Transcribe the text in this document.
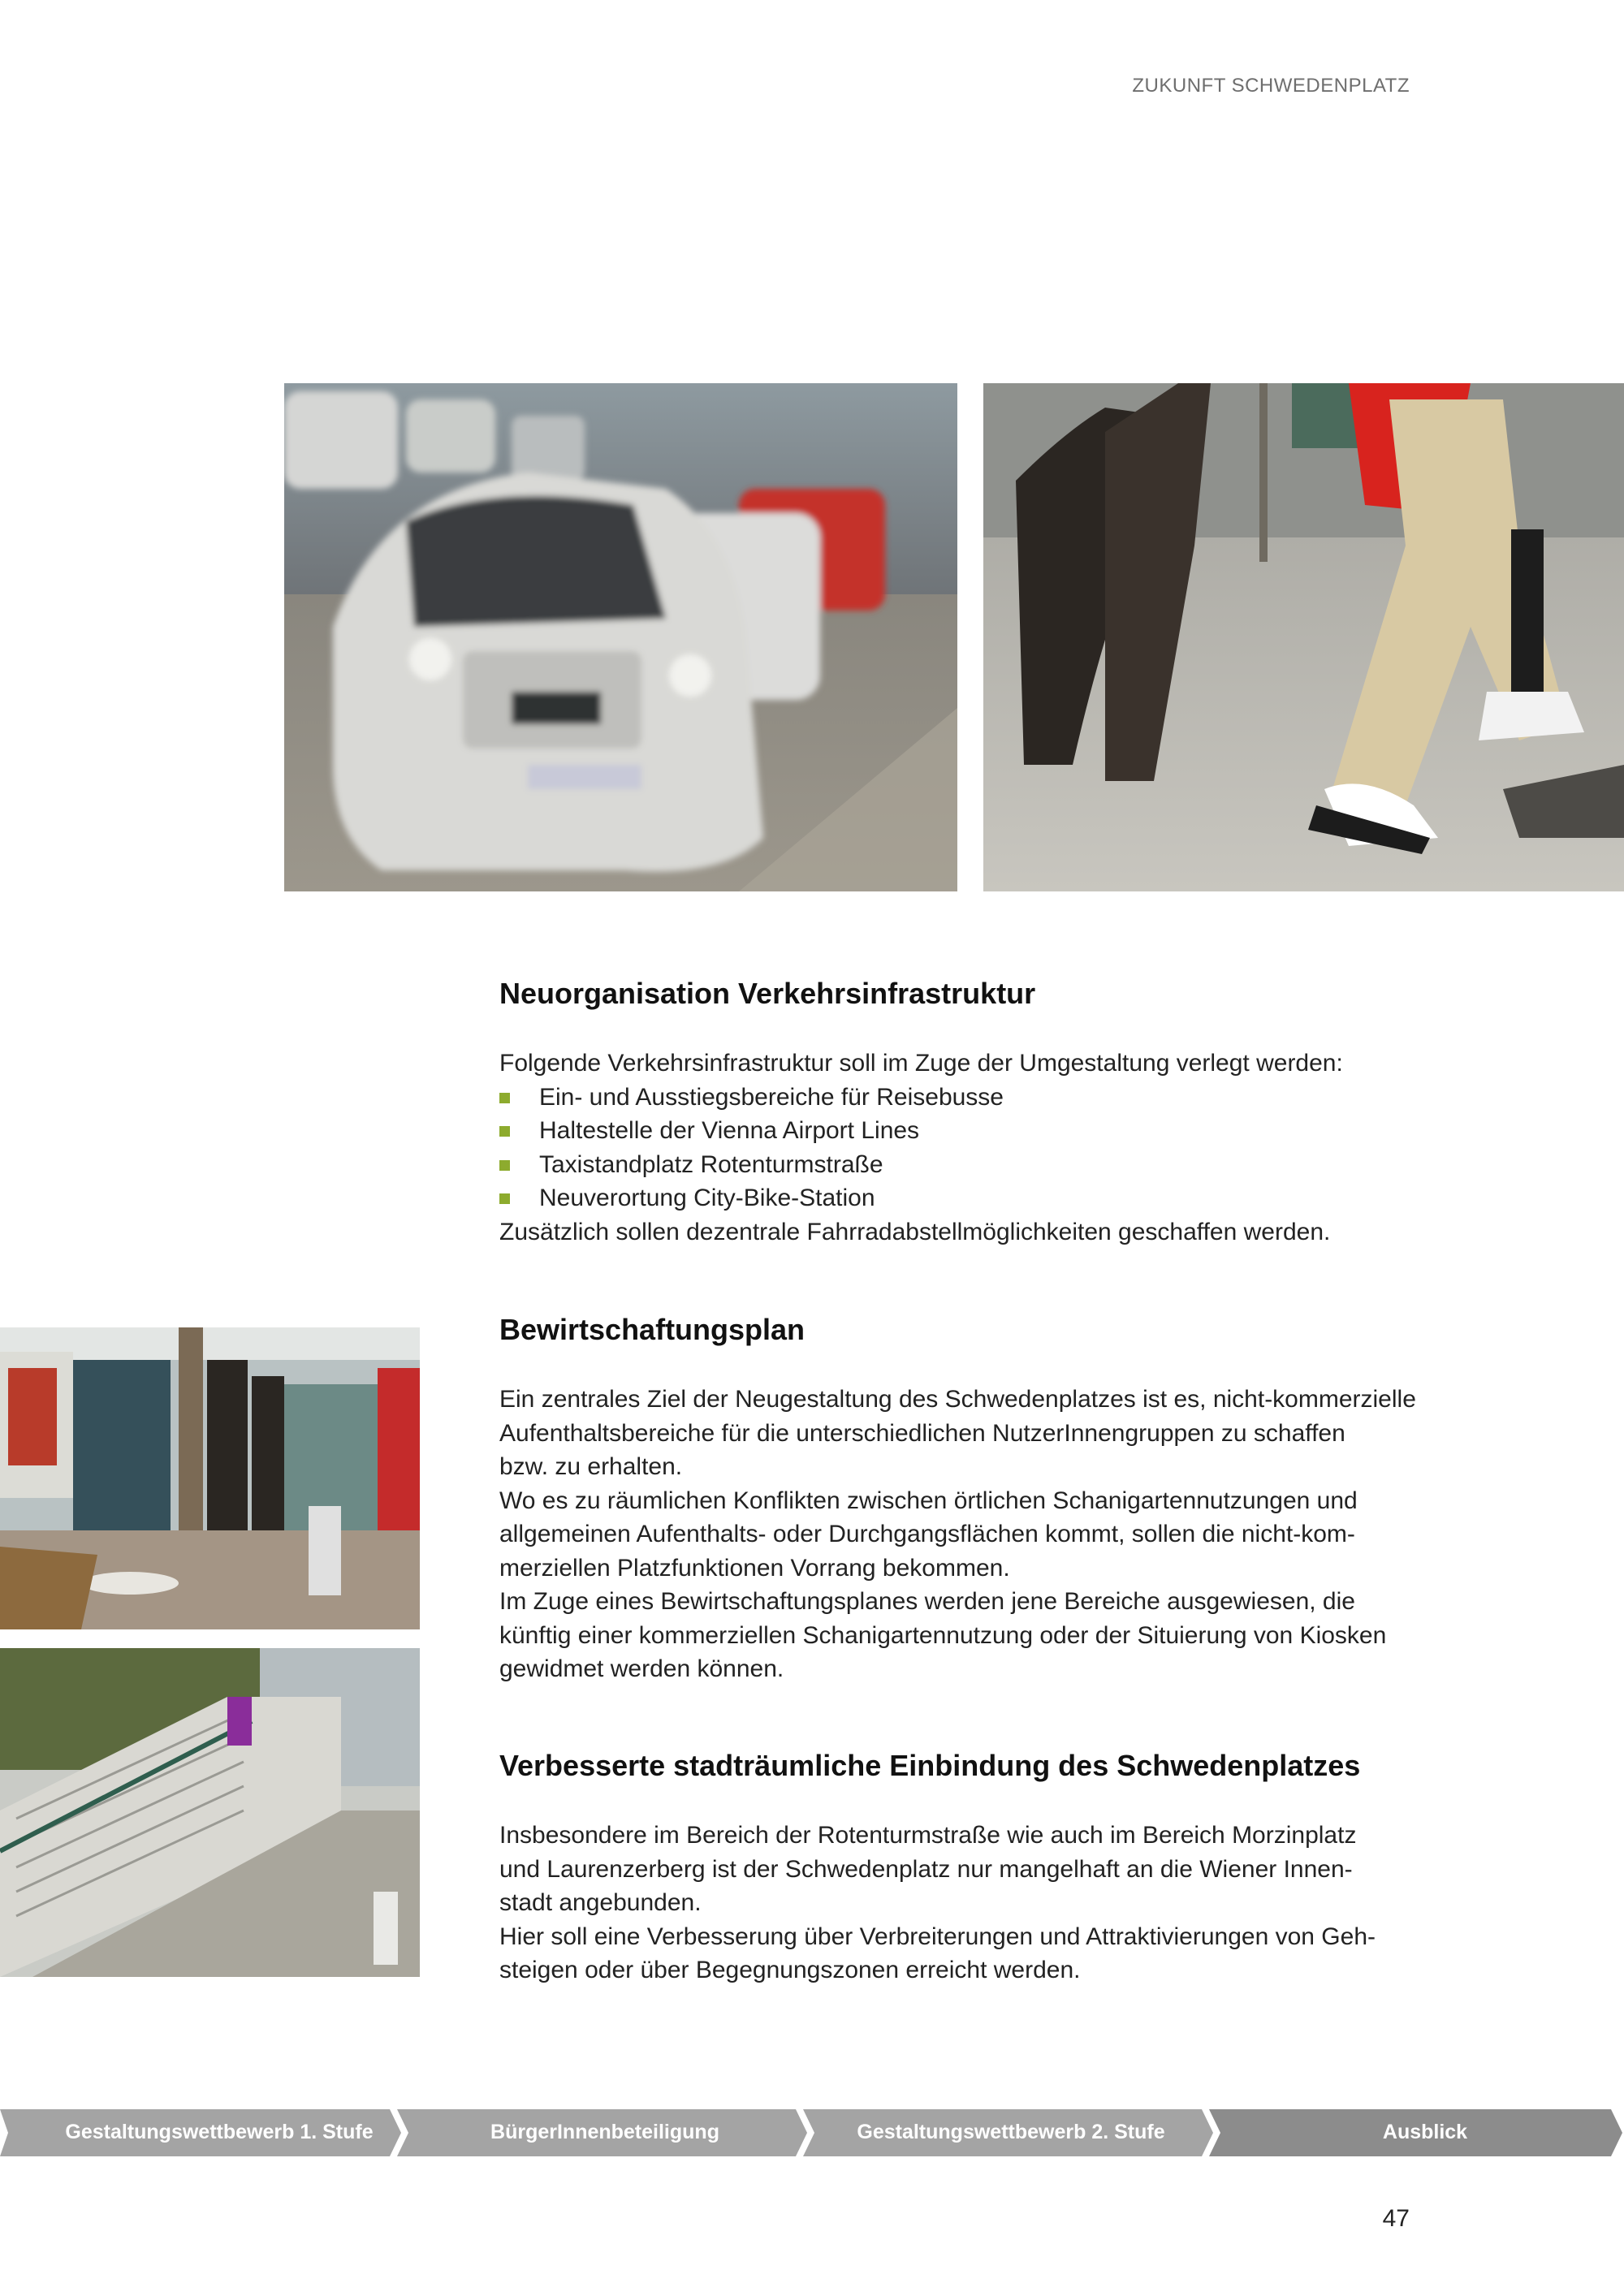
ZUKUNFT SCHWEDENPLATZ
Neuorganisation Verkehrsinfrastruktur

Folgende Verkehrsinfrastruktur soll im Zuge der Umgestaltung verlegt werden:

Ein- und Ausstiegsbereiche für Reisebusse
Haltestelle der Vienna Airport Lines
Taxistandplatz Rotenturmstraße
Neuverortung City-Bike-Station

Zusätzlich sollen dezentrale Fahrradabstellmöglichkeiten geschaffen werden.

Bewirtschaftungsplan

Ein zentrales Ziel der Neugestaltung des Schwedenplatzes ist es, nicht-kommerzielle

Aufenthaltsbereiche für die unterschiedlichen NutzerInnengruppen zu schaffen

bzw. zu erhalten.

Wo es zu räumlichen Konflikten zwischen örtlichen Schanigartennutzungen und

allgemeinen Aufenthalts- oder Durchgangsflächen kommt, sollen die nicht-kom-

merziellen Platzfunktionen Vorrang bekommen.

Im Zuge eines Bewirtschaftungsplanes werden jene Bereiche ausgewiesen, die

künftig einer kommerziellen Schanigartennutzung oder der Situierung von Kiosken

gewidmet werden können.

Verbesserte stadträumliche Einbindung des Schwedenplatzes

Insbesondere im Bereich der Rotenturmstraße wie auch im Bereich Morzinplatz

und Laurenzerberg ist der Schwedenplatz nur mangelhaft an die Wiener Innen-

stadt angebunden.

Hier soll eine Verbesserung über Verbreiterungen und Attraktivierungen von Geh-

steigen oder über Begegnungszonen erreicht werden.

Gestaltungswettbewerb 1. Stufe	BürgerInnenbeteiligung	Gestaltungswettbewerb 2. Stufe	Ausblick
47
